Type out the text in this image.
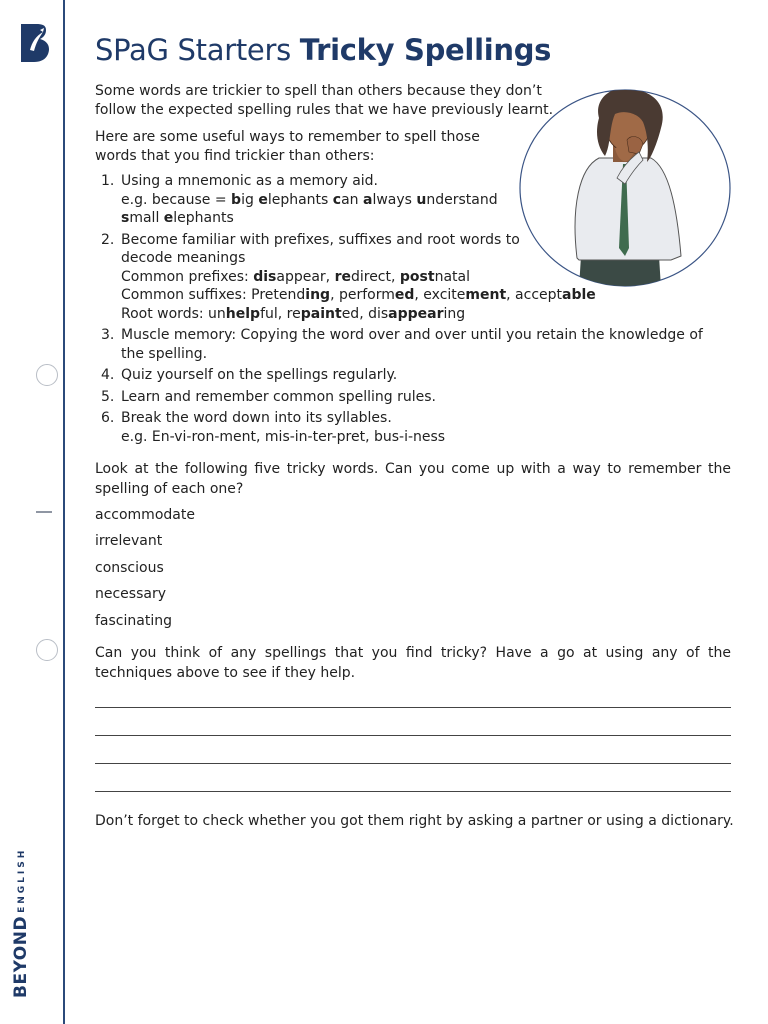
BEYONDENGLISH
SPaG Starters Tricky Spellings
Some words are trickier to spell than others because they don’t
follow the expected spelling rules that we have previously learnt.
Here are some useful ways to remember to spell those
words that you find trickier than others:
1. Using a mnemonic as a memory aid.
e.g. because = big elephants can always understand
small elephants
2. Become familiar with prefixes, suffixes and root words to
decode meanings
Common prefixes: disappear, redirect, postnatal
Common suffixes: Pretending, performed, excitement, acceptable
Root words: unhelpful, repainted, disappearing
3. Muscle memory: Copying the word over and over until you retain the knowledge of
the spelling.
4. Quiz yourself on the spellings regularly.
5. Learn and remember common spelling rules.
6. Break the word down into its syllables.
e.g. En-vi-ron-ment, mis-in-ter-pret, bus-i-ness
Look at the following five tricky words. Can you come up with a way to remember the spelling of each one?
accommodate
irrelevant
conscious
necessary
fascinating
Can you think of any spellings that you find tricky? Have a go at using any of the techniques above to see if they help.
Don’t forget to check whether you got them right by asking a partner or using a dictionary.
